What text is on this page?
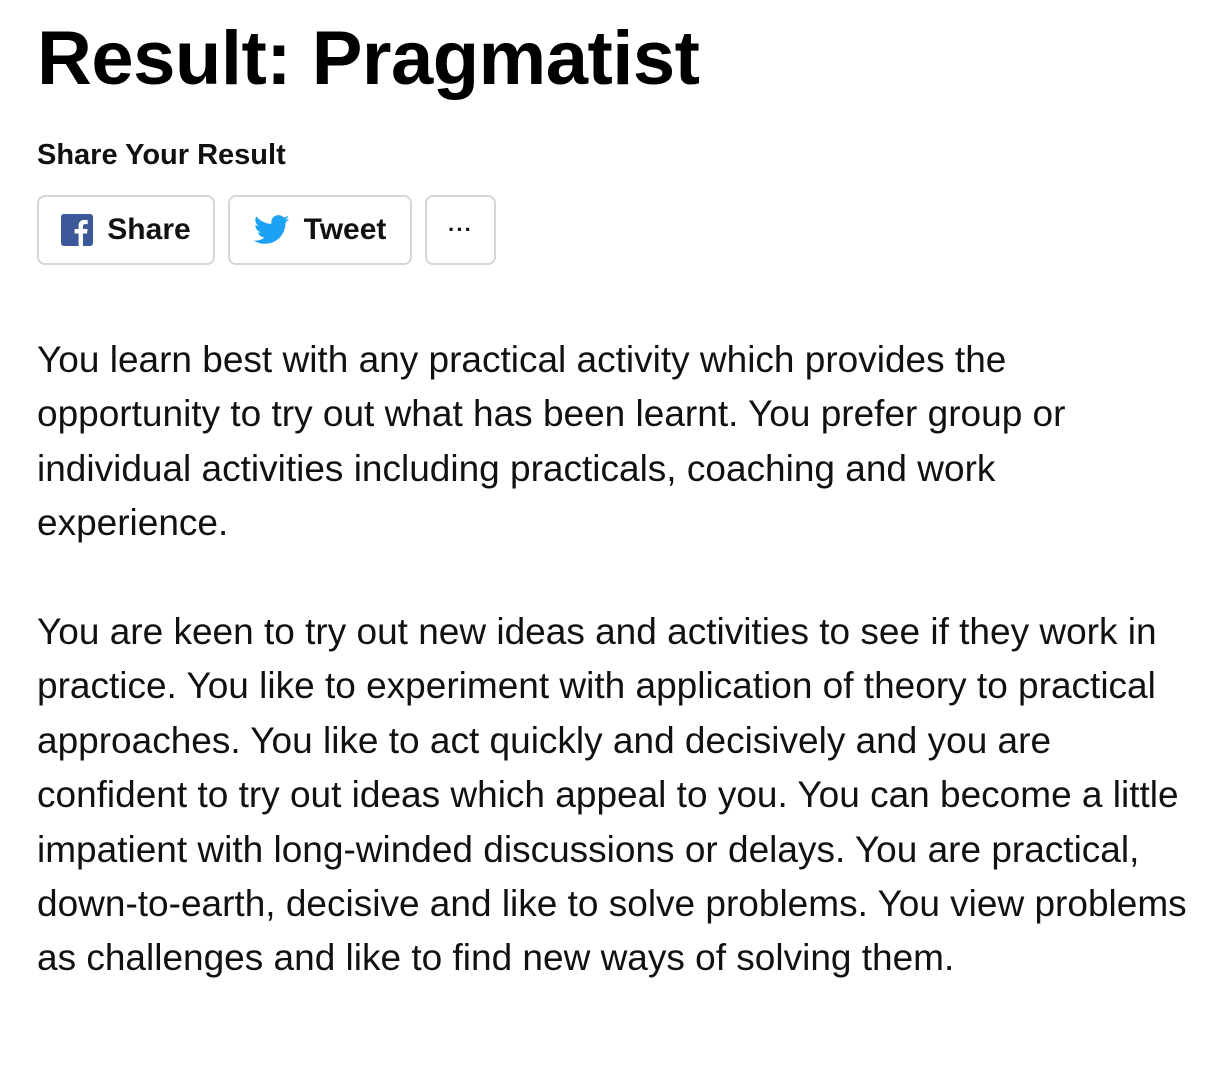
Result: Pragmatist
Share Your Result
Share	Tweet	···

You learn best with any practical activity which provides the opportunity to try out what has been learnt. You prefer group or individual activities including practicals, coaching and work experience.

You are keen to try out new ideas and activities to see if they work in practice. You like to experiment with application of theory to practical approaches. You like to act quickly and decisively and you are confident to try out ideas which appeal to you. You can become a little impatient with long-winded discussions or delays. You are practical, down-to-earth, decisive and like to solve problems. You view problems as challenges and like to find new ways of solving them.
